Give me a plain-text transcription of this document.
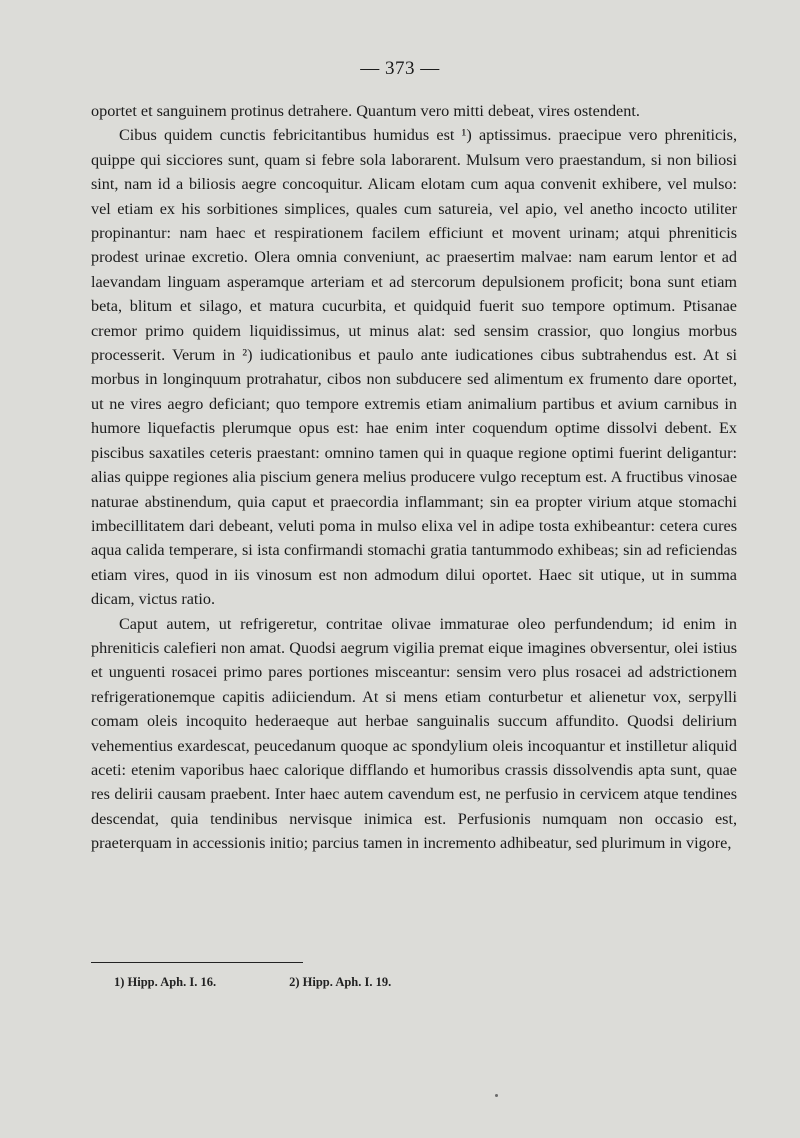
— 373 —

oportet et sanguinem protinus detrahere. Quantum vero mitti debeat, vires ostendent.

Cibus quidem cunctis febricitantibus humidus est ¹) aptissimus. praecipue vero phreniticis, quippe qui sicciores sunt, quam si febre sola laborarent. Mulsum vero praestandum, si non biliosi sint, nam id a biliosis aegre concoquitur. Alicam elotam cum aqua convenit exhibere, vel mulso: vel etiam ex his sorbitiones simplices, quales cum satureia, vel apio, vel anetho incocto utiliter propinantur: nam haec et respirationem facilem efficiunt et movent urinam; atqui phreniticis prodest urinae excretio. Olera omnia conveniunt, ac praesertim malvae: nam earum lentor et ad laevandam linguam asperamque arteriam et ad stercorum depulsionem proficit; bona sunt etiam beta, blitum et silago, et matura cucurbita, et quidquid fuerit suo tempore optimum. Ptisanae cremor primo quidem liquidissimus, ut minus alat: sed sensim crassior, quo longius morbus processerit. Verum in ²) iudicationibus et paulo ante iudicationes cibus subtrahendus est. At si morbus in longinquum protrahatur, cibos non subducere sed alimentum ex frumento dare oportet, ut ne vires aegro deficiant; quo tempore extremis etiam animalium partibus et avium carnibus in humore liquefactis plerumque opus est: hae enim inter coquendum optime dissolvi debent. Ex piscibus saxatiles ceteris praestant: omnino tamen qui in quaque regione optimi fuerint deligantur: alias quippe regiones alia piscium genera melius producere vulgo receptum est. A fructibus vinosae naturae abstinendum, quia caput et praecordia inflammant; sin ea propter virium atque stomachi imbecillitatem dari debeant, veluti poma in mulso elixa vel in adipe tosta exhibeantur: cetera cures aqua calida temperare, si ista confirmandi stomachi gratia tantummodo exhibeas; sin ad reficiendas etiam vires, quod in iis vinosum est non admodum dilui oportet. Haec sit utique, ut in summa dicam, victus ratio.

Caput autem, ut refrigeretur, contritae olivae immaturae oleo perfundendum; id enim in phreniticis calefieri non amat. Quodsi aegrum vigilia premat eique imagines obversentur, olei istius et unguenti rosacei primo pares portiones misceantur: sensim vero plus rosacei ad adstrictionem refrigerationemque capitis adiiciendum. At si mens etiam conturbetur et alienetur vox, serpylli comam oleis incoquito hederaeque aut herbae sanguinalis succum affundito. Quodsi delirium vehementius exardescat, peucedanum quoque ac spondylium oleis incoquantur et instilletur aliquid aceti: etenim vaporibus haec calorique difflando et humoribus crassis dissolvendis apta sunt, quae res delirii causam praebent. Inter haec autem cavendum est, ne perfusio in cervicem atque tendines descendat, quia tendinibus nervisque inimica est. Perfusionis numquam non occasio est, praeterquam in accessionis initio; parcius tamen in incremento adhibeatur, sed plurimum in vigore,

1) Hipp. Aph. I. 16.	2) Hipp. Aph. I. 19.
